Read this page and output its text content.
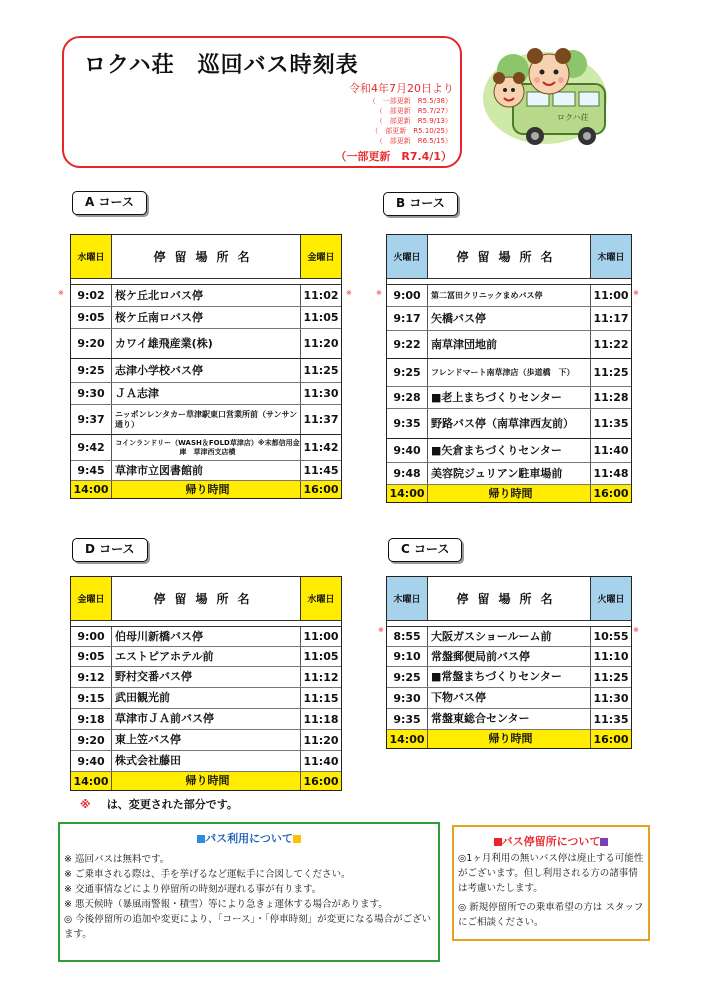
ロクハ荘　巡回バス時刻表
令和4年7月20日より
（　一部更新　R5.5/38）
（　部更新　R5.7/27）
（　部更新　R5.9/13）
（　部更新　R5.10/25）
（　部更新　R6.5/15）
（一部更新　R7.4/1）
ロクハ荘
A コース
※	※
水曜日	停留場所名	金曜日
9:02 桜ケ丘北ロバス停	11:02
9:05 桜ケ丘南ロバス停	11:05
9:20 カワイ雄飛産業(株)	11:20
9:25 志津小学校バス停	11:25
9:30 ＪＡ志津	11:30
9:37	ニッポンレンタカー草津駅東口営業所前（サンサン通り）	11:37
9:42	コインランドリー（WASH＆FOLD草津店）※末都信用金庫　草津西支店横	11:42
9:45 草津市立図書館前	11:45
14:00	帰り時間	16:00
B コース
※	※
火曜日	停留場所名	木曜日
9:00	第二冨田クリニックまめバス停	11:00
9:17 矢橋バス停	11:17
9:22 南草津団地前	11:22
9:25	フレンドマート南草津店（歩道橋　下）	11:25
9:28 ■老上まちづくりセンター	11:28
9:35 野路バス停（南草津西友前）	11:35
9:40 ■矢倉まちづくりセンター	11:40
9:48 美容院ジュリアン駐車場前	11:48
14:00	帰り時間	16:00
D コース
金曜日	停留場所名	水曜日
9:00 伯母川新橋バス停	11:00
9:05 エストピアホテル前	11:05
9:12 野村交番バス停	11:12
9:15 武田観光前	11:15
9:18 草津市ＪＡ前バス停	11:18
9:20 東上笠バス停	11:20
9:40 株式会社藤田	11:40
14:00	帰り時間	16:00
C コース
※	※
木曜日	停留場所名	火曜日
8:55 大阪ガスショールーム前	10:55
9:10 常盤郵便局前バス停	11:10
9:25 ■常盤まちづくりセンター	11:25
9:30 下物バス停	11:30
9:35 常盤東総合センター	11:35
14:00	帰り時間	16:00
※ は、変更された部分です。
パス利用について
※ 巡回バスは無料です。
※ ご乗車される際は、手を挙げるなど運転手に合図してください。
※ 交通事情などにより停留所の時刻が遅れる事が有ります。
※ 悪天候時（暴風雨警報・積雪）等により急きょ運休する場合があります。
◎ 今後停留所の追加や変更により、「コース」・「停車時刻」が変更になる場合がございます。
バス停留所について
◎1ヶ月利用の無いバス停は廃止する可能性がございます。但し利用される方の諸事情は考慮いたします。
◎ 新規停留所での乗車希望の方は スタッフにご相談ください。
